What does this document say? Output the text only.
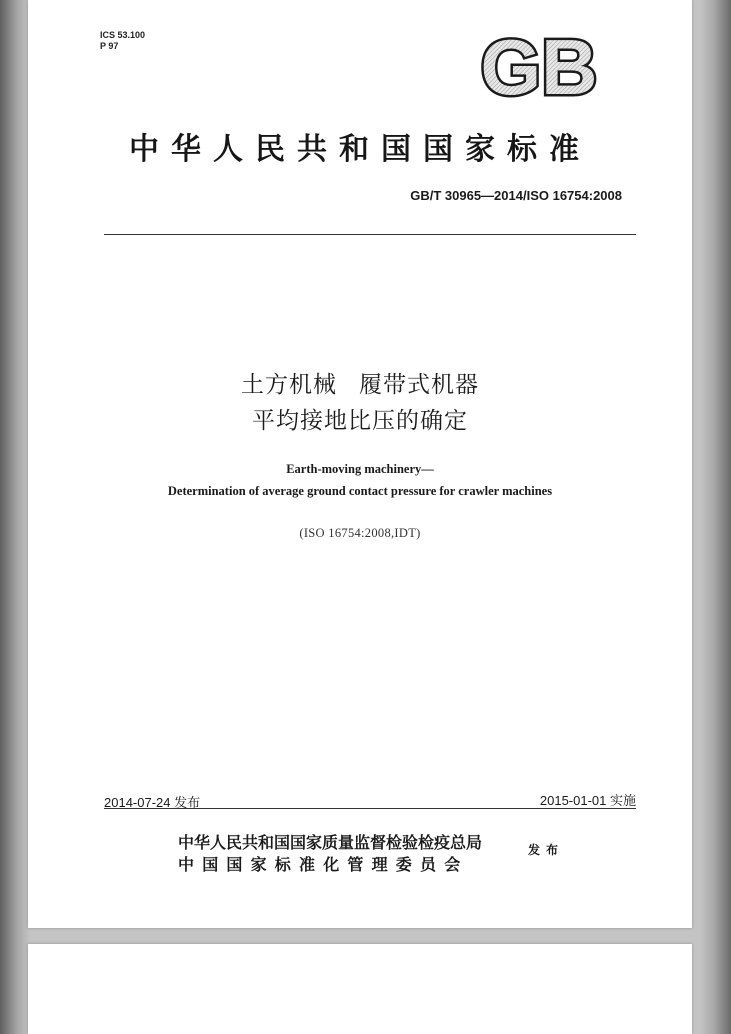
ICS 53.100
P 97	GB
中华人民共和国国家标准
GB/T 30965—2014/ISO 16754:2008
土方机械 履带式机器
平均接地比压的确定
Earth-moving machinery—
Determination of average ground contact pressure for crawler machines
(ISO 16754:2008,IDT)
2014-07-24 发布	2015-01-01 实施
中华人民共和国国家质量监督检验检疫总局
中国国家标准化管理委员会
发布
